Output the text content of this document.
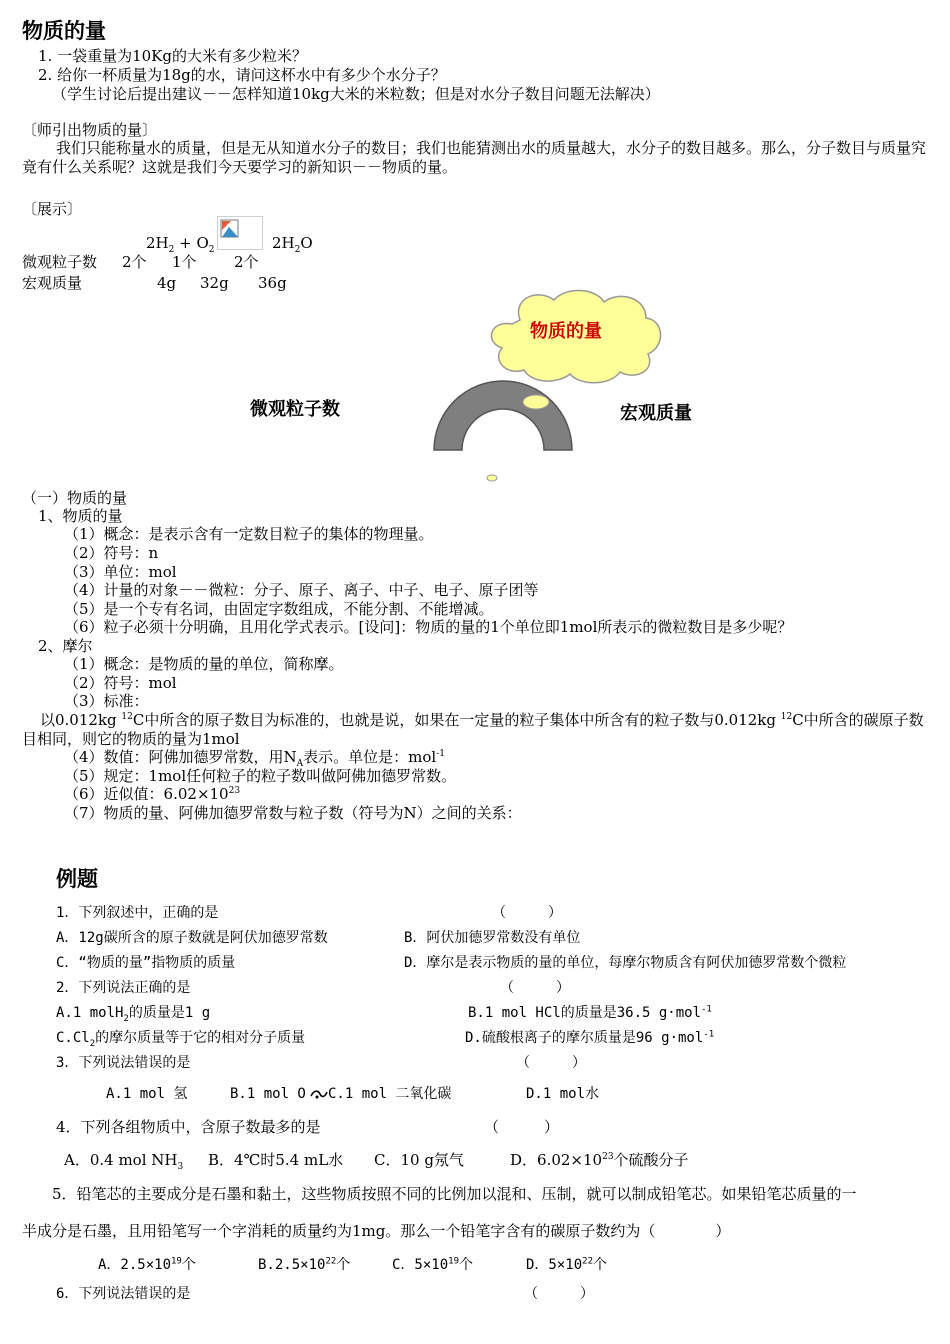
物质的量
1. 一袋重量为10Kg的大米有多少粒米？
2. 给你一杯质量为18g的水，请问这杯水中有多少个水分子？
（学生讨论后提出建议－－怎样知道10kg大米的米粒数；但是对水分子数目问题无法解决）
〔师引出物质的量〕
我们只能称量水的质量，但是无从知道水分子的数目；我们也能猜测出水的质量越大，水分子的数目越多。那么，分子数目与质量究竟有什么关系呢？这就是我们今天要学习的新知识－－物质的量。
〔展示〕
$2H_2 + O_2$	$2H_2O$
微观粒子数 2个 1个 2个
宏观质量	4g 32g 36g
物质的量
微观粒子数	宏观质量
（一）物质的量
1、物质的量
（1）概念：是表示含有一定数目粒子的集体的物理量。
（2）符号：n
（3）单位：mol
（4）计量的对象－－微粒：分子、原子、离子、中子、电子、原子团等
（5）是一个专有名词，由固定字数组成，不能分割、不能增减。
（6）粒子必须十分明确，且用化学式表示。[设问]：物质的量的1个单位即1mol所表示的微粒数目是多少呢？
2、摩尔
（1）概念：是物质的量的单位，简称摩。
（2）符号：mol
（3）标准：
以0.012kg $^{12}$C中所含的原子数目为标准的，也就是说，如果在一定量的粒子集体中所含有的粒子数与0.012kg $^{12}$C中所含的碳原子数目相同，则它的物质的量为1mol
（4）数值：阿佛加德罗常数，用$N_A$表示。单位是：mol$^{-1}$
（5）规定：1mol任何粒子的粒子数叫做阿佛加德罗常数。
（6）近似值：$6.02\times 10^{23}$
（7）物质的量、阿佛加德罗常数与粒子数（符号为N）之间的关系：
例题
1．下列叙述中，正确的是	（　　　）
A．12g碳所含的原子数就是阿伏加德罗常数	B．阿伏加德罗常数没有单位
C．“物质的量”指物质的质量	D．摩尔是表示物质的量的单位，每摩尔物质含有阿伏加德罗常数个微粒
2．下列说法正确的是	（　　　）
A.1 molH$_2$的质量是1 g	B.1 mol HCl的质量是36.5 g·mol$^{-1}$
$C.Cl_2$的摩尔质量等于它的相对分子质量	D.硫酸根离子的摩尔质量是96 g·mol$^{-1}$
3．下列说法错误的是	（　　　）
A.1 mol 氢	B.1 mol O C.1 mol 二氧化碳	D.1 mol水
4．下列各组物质中，含原子数最多的是	（　　　）
A．0.4 mol $NH_3$ B．4℃时5.4 mL水 C．10 g氖气	D．$6.02\times 10^{23}$个硫酸分子
5．铅笔芯的主要成分是石墨和黏土，这些物质按照不同的比例加以混和、压制，就可以制成铅笔芯。如果铅笔芯质量的一
半成分是石墨，且用铅笔写一个字消耗的质量约为1mg。那么一个铅笔字含有的碳原子数约为（　　　　）
A．$2.5\times 10^{19}$个	$B.2.5\times 10^{22}$个	C．$5\times 10^{19}$个	D．$5\times 10^{22}$个
6．下列说法错误的是	（　　　）
